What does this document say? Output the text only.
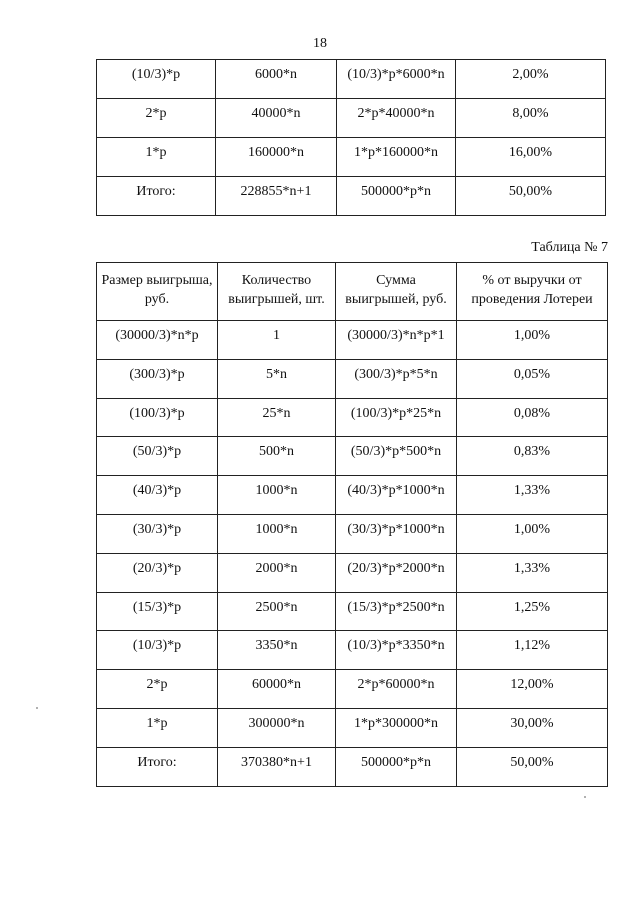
18
(10/3)*p	6000*n	(10/3)*p*6000*n	2,00%
2*p	40000*n	2*p*40000*n	8,00%
1*p	160000*n	1*p*160000*n	16,00%
Итого:	228855*n+1	500000*p*n	50,00%
Таблица № 7
Размер выигрыша, руб.	Количество выигрышей, шт.	Сумма выигрышей, руб.	% от выручки от проведения Лотереи
(30000/3)*n*p	1	(30000/3)*n*p*1	1,00%
(300/3)*p	5*n	(300/3)*p*5*n	0,05%
(100/3)*p	25*n	(100/3)*p*25*n	0,08%
(50/3)*p	500*n	(50/3)*p*500*n	0,83%
(40/3)*p	1000*n	(40/3)*p*1000*n	1,33%
(30/3)*p	1000*n	(30/3)*p*1000*n	1,00%
(20/3)*p	2000*n	(20/3)*p*2000*n	1,33%
(15/3)*p	2500*n	(15/3)*p*2500*n	1,25%
(10/3)*p	3350*n	(10/3)*p*3350*n	1,12%
2*p	60000*n	2*p*60000*n	12,00%
1*p	300000*n	1*p*300000*n	30,00%
Итого:	370380*n+1	500000*p*n	50,00%
